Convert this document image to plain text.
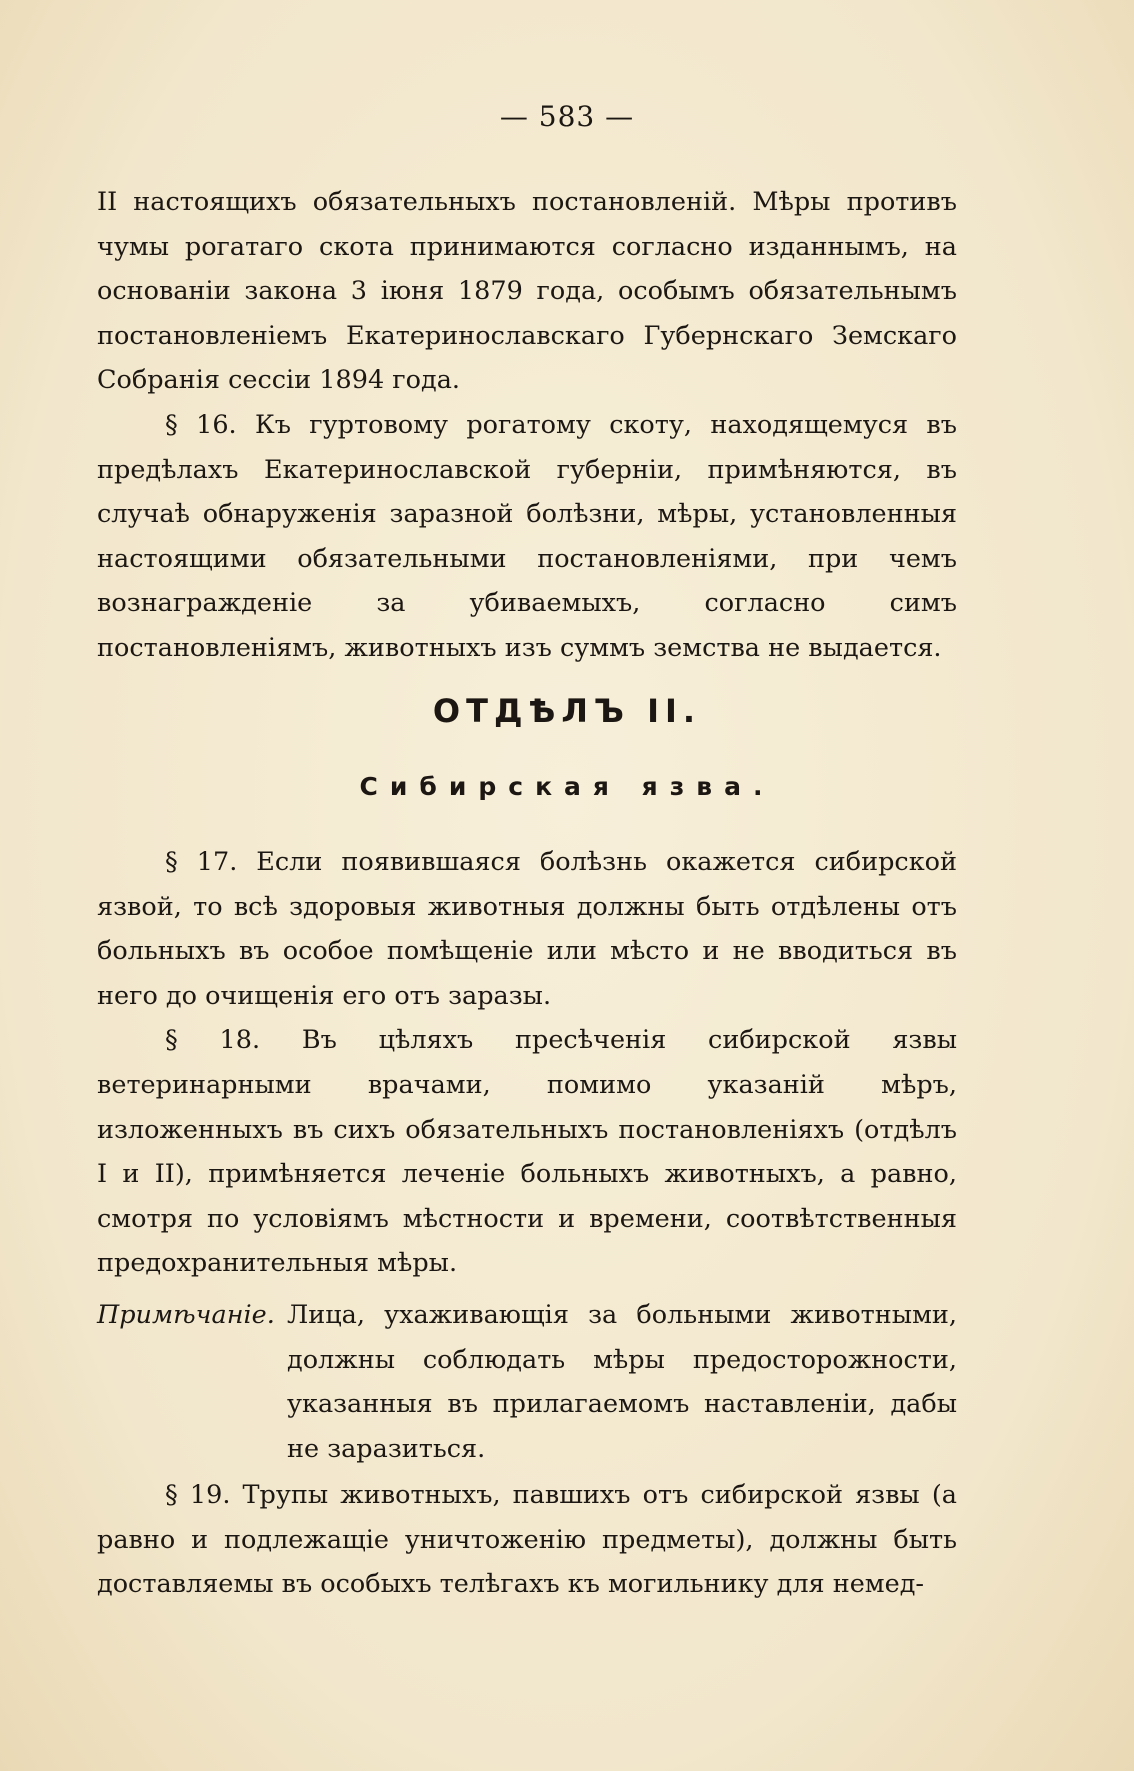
— 583 —

II настоящихъ обязательныхъ постановленій. Мѣры противъ чумы рогатаго скота принимаются согласно изданнымъ, на основаніи закона 3 іюня 1879 года, особымъ обязательнымъ постановленіемъ Екатеринославскаго Губернскаго Земскаго Собранія сессіи 1894 года.

§ 16. Къ гуртовому рогатому скоту, находящемуся въ предѣлахъ Екатеринославской губерніи, примѣняются, въ случаѣ обнаруженія заразной болѣзни, мѣры, установленныя настоящими обязательными постановленіями, при чемъ вознагражденіе за убиваемыхъ, согласно симъ постановленіямъ, животныхъ изъ суммъ земства не выдается.

ОТДѢЛЪ II.
Сибирская язва.

§ 17. Если появившаяся болѣзнь окажется сибирской язвой, то всѣ здоровыя животныя должны быть отдѣлены отъ больныхъ въ особое помѣщеніе или мѣсто и не вводиться въ него до очищенія его отъ заразы.

§ 18. Въ цѣляхъ пресѣченія сибирской язвы ветеринарными врачами, помимо указаній мѣръ, изложенныхъ въ сихъ обязательныхъ постановленіяхъ (отдѣлъ I и II), примѣняется леченіе больныхъ животныхъ, а равно, смотря по условіямъ мѣстности и времени, соотвѣтственныя предохранительныя мѣры.

Примѣчаніе. Лица, ухаживающія за больными животными, должны соблюдать мѣры предосторожности, указанныя въ прилагаемомъ наставленіи, дабы не заразиться.

§ 19. Трупы животныхъ, павшихъ отъ сибирской язвы (а равно и подлежащіе уничтоженію предметы), должны быть доставляемы въ особыхъ телѣгахъ къ могильнику для немед-
